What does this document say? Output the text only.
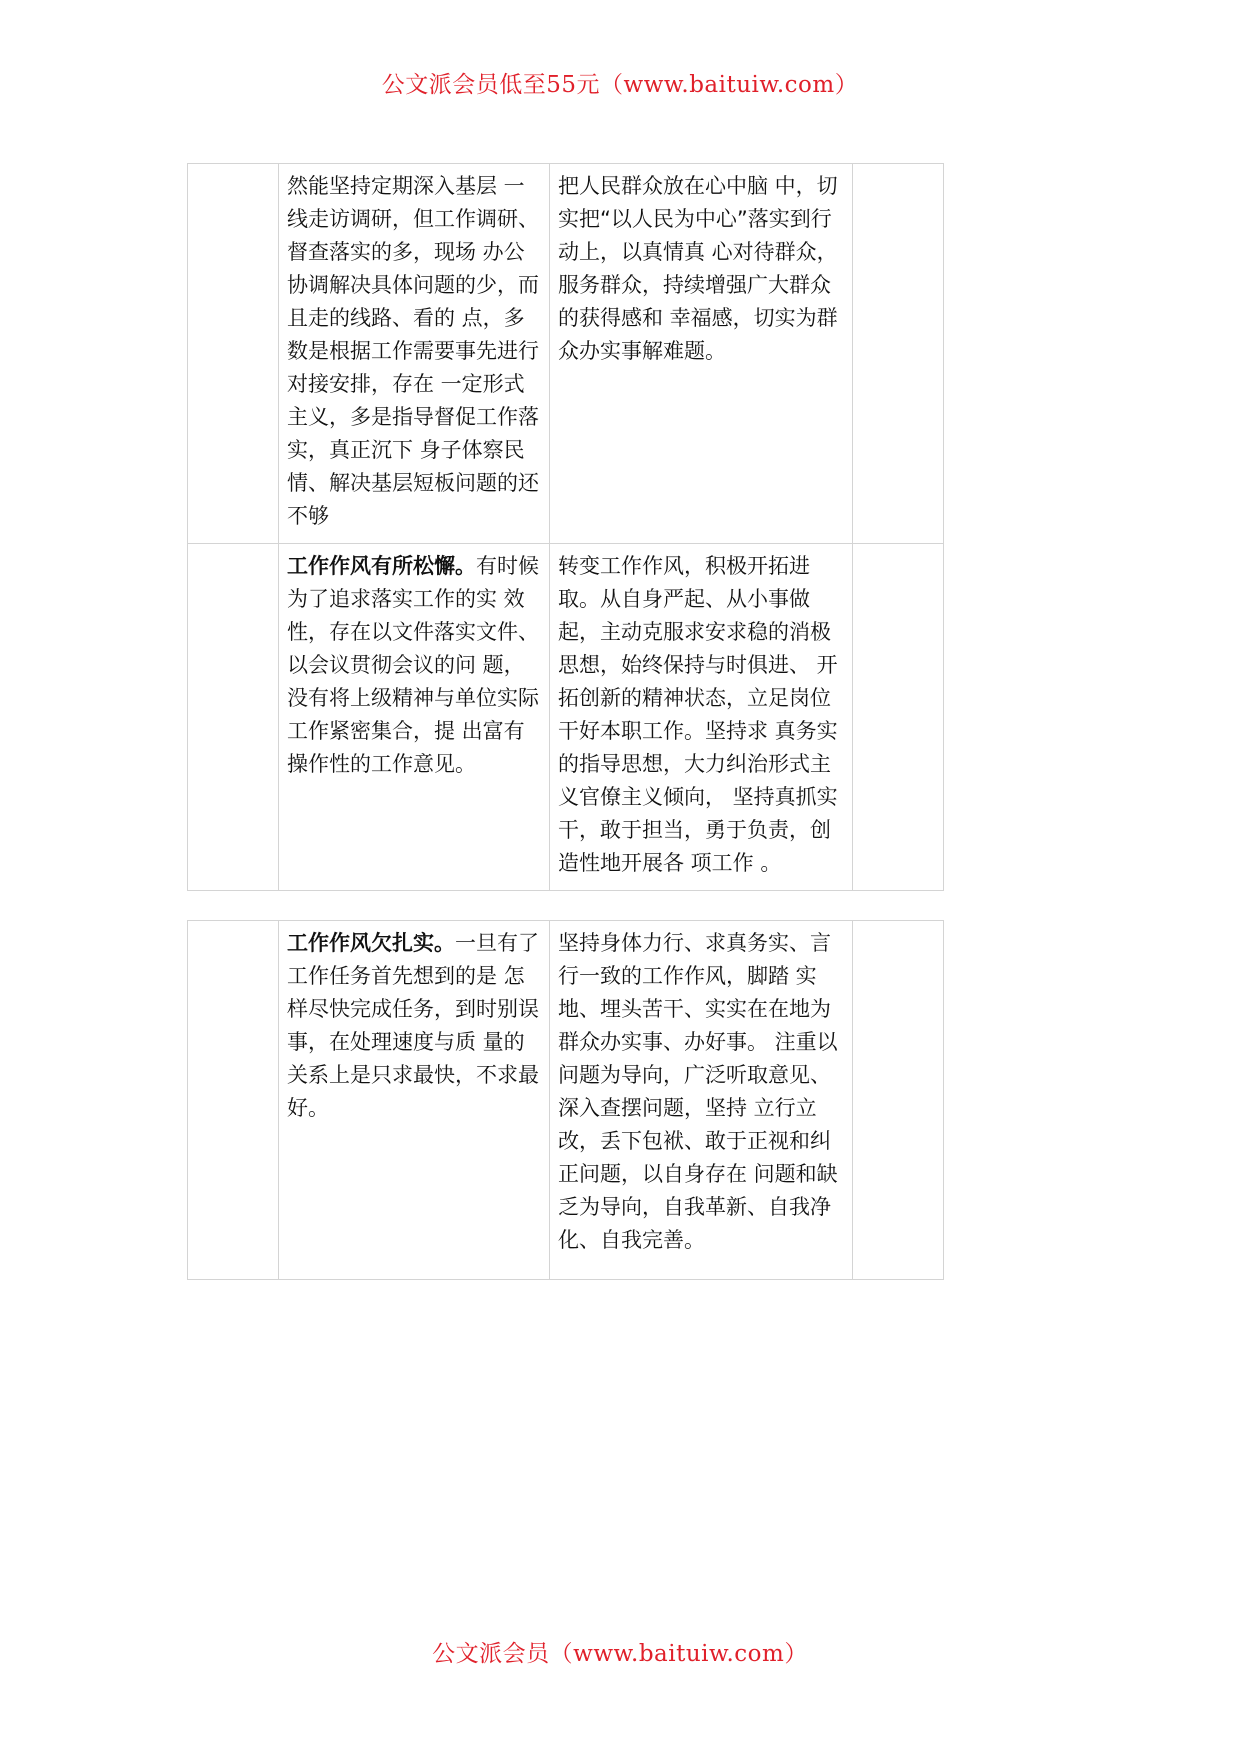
公文派会员低至55元（www.baituiw.com）
	然能坚持定期深入基层 一线走访调研，但工作调研、督查落实的多，现场 办公协调解决具体问题的少，而且走的线路、看的 点，多数是根据工作需要事先进行对接安排，存在 一定形式主义，多是指导督促工作落实，真正沉下 身子体察民情、解决基层短板问题的还不够	把人民群众放在心中脑 中，切实把“以人民为中心”落实到行动上，以真情真 心对待群众，服务群众，持续增强广大群众的获得感和 幸福感，切实为群众办实事解难题。	
	工作作风有所松懈。有时候为了追求落实工作的实 效性，存在以文件落实文件、以会议贯彻会议的问 题，没有将上级精神与单位实际工作紧密集合，提 出富有操作性的工作意见。	转变工作作风，积极开拓进取。从自身严起、从小事做起，主动克服求安求稳的消极思想，始终保持与时俱进、 开拓创新的精神状态，立足岗位干好本职工作。坚持求 真务实的指导思想，大力纠治形式主义官僚主义倾向， 坚持真抓实干，敢于担当，勇于负责，创造性地开展各 项工作 。	
	工作作风欠扎实。一旦有了工作任务首先想到的是 怎样尽快完成任务，到时别误事，在处理速度与质 量的关系上是只求最快，不求最好。	坚持身体力行、求真务实、言行一致的工作作风，脚踏 实地、埋头苦干、实实在在地为群众办实事、办好事。 注重以问题为导向，广泛听取意见、深入查摆问题，坚持 立行立改，丢下包袱、敢于正视和纠正问题，以自身存在 问题和缺乏为导向，自我革新、自我净化、自我完善。	
公文派会员（www.baituiw.com）
